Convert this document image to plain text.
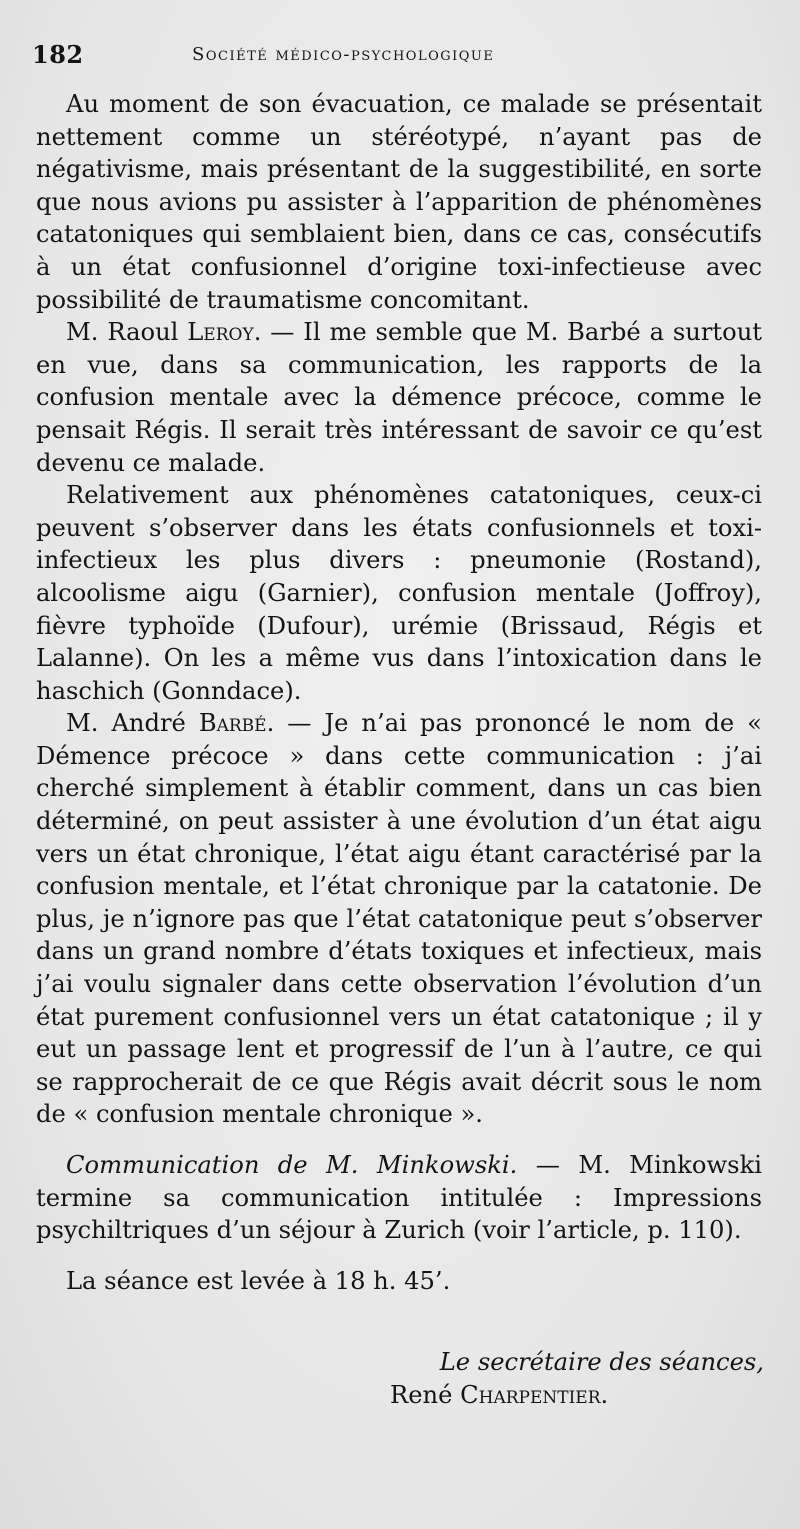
182	société médico-psychologique

Au moment de son évacuation, ce malade se présentait nettement comme un stéréotypé, n’ayant pas de négativisme, mais présentant de la suggestibilité, en sorte que nous avions pu assister à l’apparition de phénomènes catatoniques qui semblaient bien, dans ce cas, consécutifs à un état confusionnel d’origine toxi-infectieuse avec possibilité de traumatisme concomitant.

M. Raoul Leroy. — Il me semble que M. Barbé a surtout en vue, dans sa communication, les rapports de la confusion mentale avec la démence précoce, comme le pensait Régis. Il serait très intéressant de savoir ce qu’est devenu ce malade.

Relativement aux phénomènes catatoniques, ceux-ci peuvent s’observer dans les états confusionnels et toxi-infectieux les plus divers : pneumonie (Rostand), alcoolisme aigu (Garnier), confusion mentale (Joffroy), fièvre typhoïde (Dufour), urémie (Brissaud, Régis et Lalanne). On les a même vus dans l’intoxication dans le haschich (Gonndace).

M. André Barbé. — Je n’ai pas prononcé le nom de « Démence précoce » dans cette communication : j’ai cherché simplement à établir comment, dans un cas bien déterminé, on peut assister à une évolution d’un état aigu vers un état chronique, l’état aigu étant caractérisé par la confusion mentale, et l’état chronique par la catatonie. De plus, je n’ignore pas que l’état catatonique peut s’observer dans un grand nombre d’états toxiques et infectieux, mais j’ai voulu signaler dans cette observation l’évolution d’un état purement confusionnel vers un état catatonique ; il y eut un passage lent et progressif de l’un à l’autre, ce qui se rapprocherait de ce que Régis avait décrit sous le nom de « confusion mentale chronique ».

Communication de M. Minkowski. — M. Minkowski termine sa communication intitulée : Impressions psychiltriques d’un séjour à Zurich (voir l’article, p. 110).

La séance est levée à 18 h. 45’.

Le secrétaire des séances,
René Charpentier.
